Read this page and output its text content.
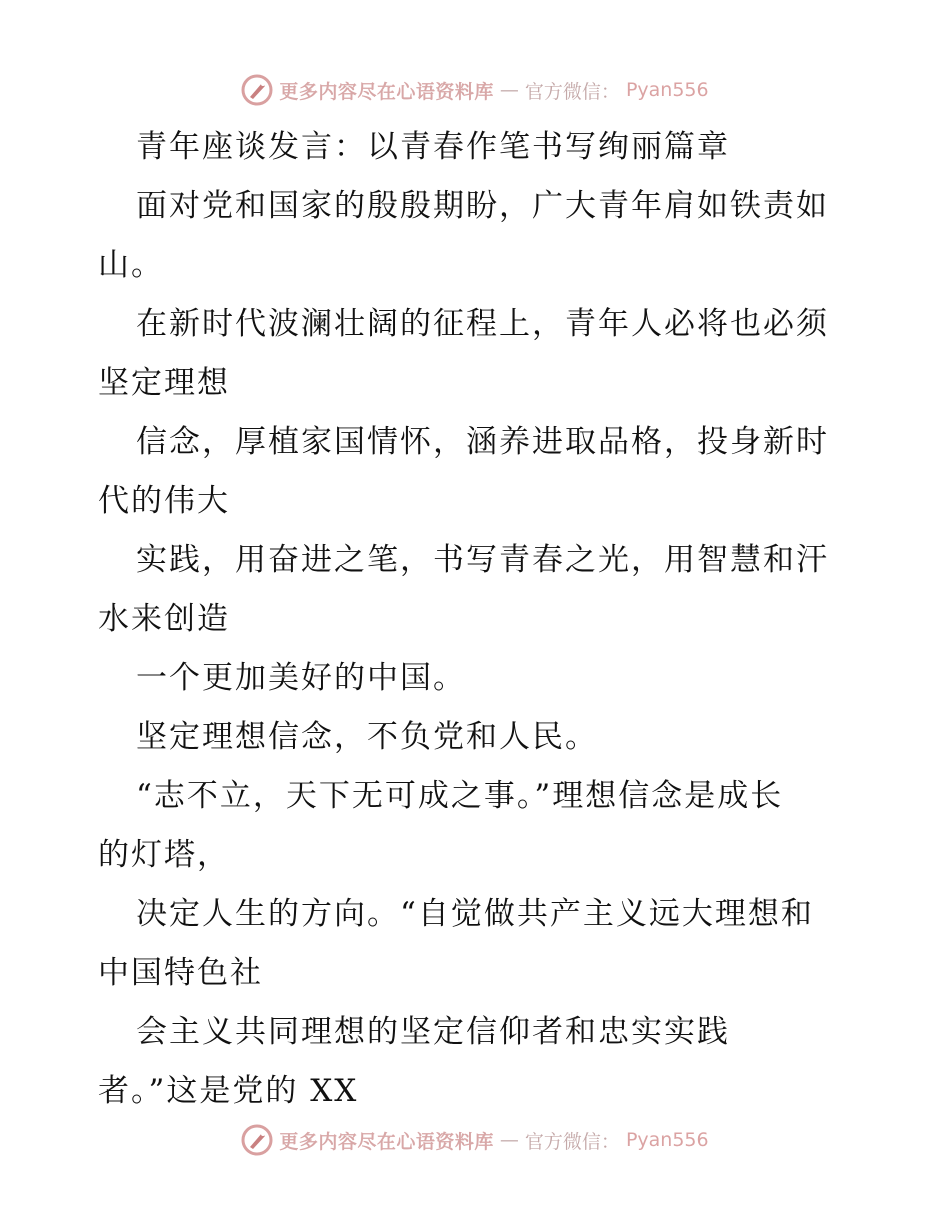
更多内容尽在心语资料库 — 官方微信： Pyan556
青年座谈发言：以青春作笔书写绚丽篇章
面对党和国家的殷殷期盼，广大青年肩如铁责如
山。
在新时代波澜壮阔的征程上，青年人必将也必须
坚定理想
信念，厚植家国情怀，涵养进取品格，投身新时
代的伟大
实践，用奋进之笔，书写青春之光，用智慧和汗
水来创造
一个更加美好的中国。
坚定理想信念，不负党和人民。
“志不立，天下无可成之事。”理想信念是成长
的灯塔，
决定人生的方向。“自觉做共产主义远大理想和
中国特色社
会主义共同理想的坚定信仰者和忠实实践
者。”这是党的 XX
更多内容尽在心语资料库 — 官方微信： Pyan556
